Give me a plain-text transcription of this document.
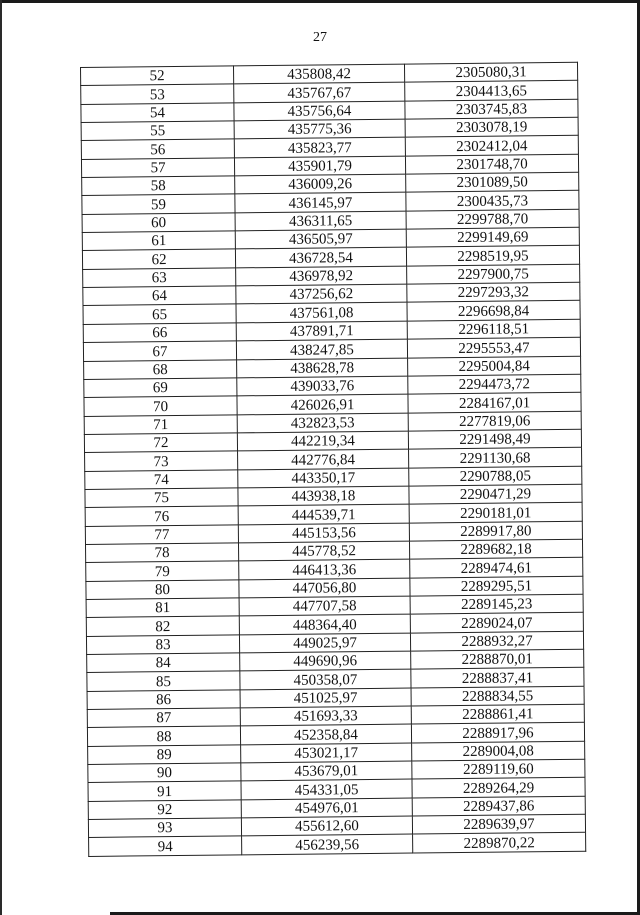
27
52	435808,42	2305080,31
53	435767,67	2304413,65
54	435756,64	2303745,83
55	435775,36	2303078,19
56	435823,77	2302412,04
57	435901,79	2301748,70
58	436009,26	2301089,50
59	436145,97	2300435,73
60	436311,65	2299788,70
61	436505,97	2299149,69
62	436728,54	2298519,95
63	436978,92	2297900,75
64	437256,62	2297293,32
65	437561,08	2296698,84
66	437891,71	2296118,51
67	438247,85	2295553,47
68	438628,78	2295004,84
69	439033,76	2294473,72
70	426026,91	2284167,01
71	432823,53	2277819,06
72	442219,34	2291498,49
73	442776,84	2291130,68
74	443350,17	2290788,05
75	443938,18	2290471,29
76	444539,71	2290181,01
77	445153,56	2289917,80
78	445778,52	2289682,18
79	446413,36	2289474,61
80	447056,80	2289295,51
81	447707,58	2289145,23
82	448364,40	2289024,07
83	449025,97	2288932,27
84	449690,96	2288870,01
85	450358,07	2288837,41
86	451025,97	2288834,55
87	451693,33	2288861,41
88	452358,84	2288917,96
89	453021,17	2289004,08
90	453679,01	2289119,60
91	454331,05	2289264,29
92	454976,01	2289437,86
93	455612,60	2289639,97
94	456239,56	2289870,22
